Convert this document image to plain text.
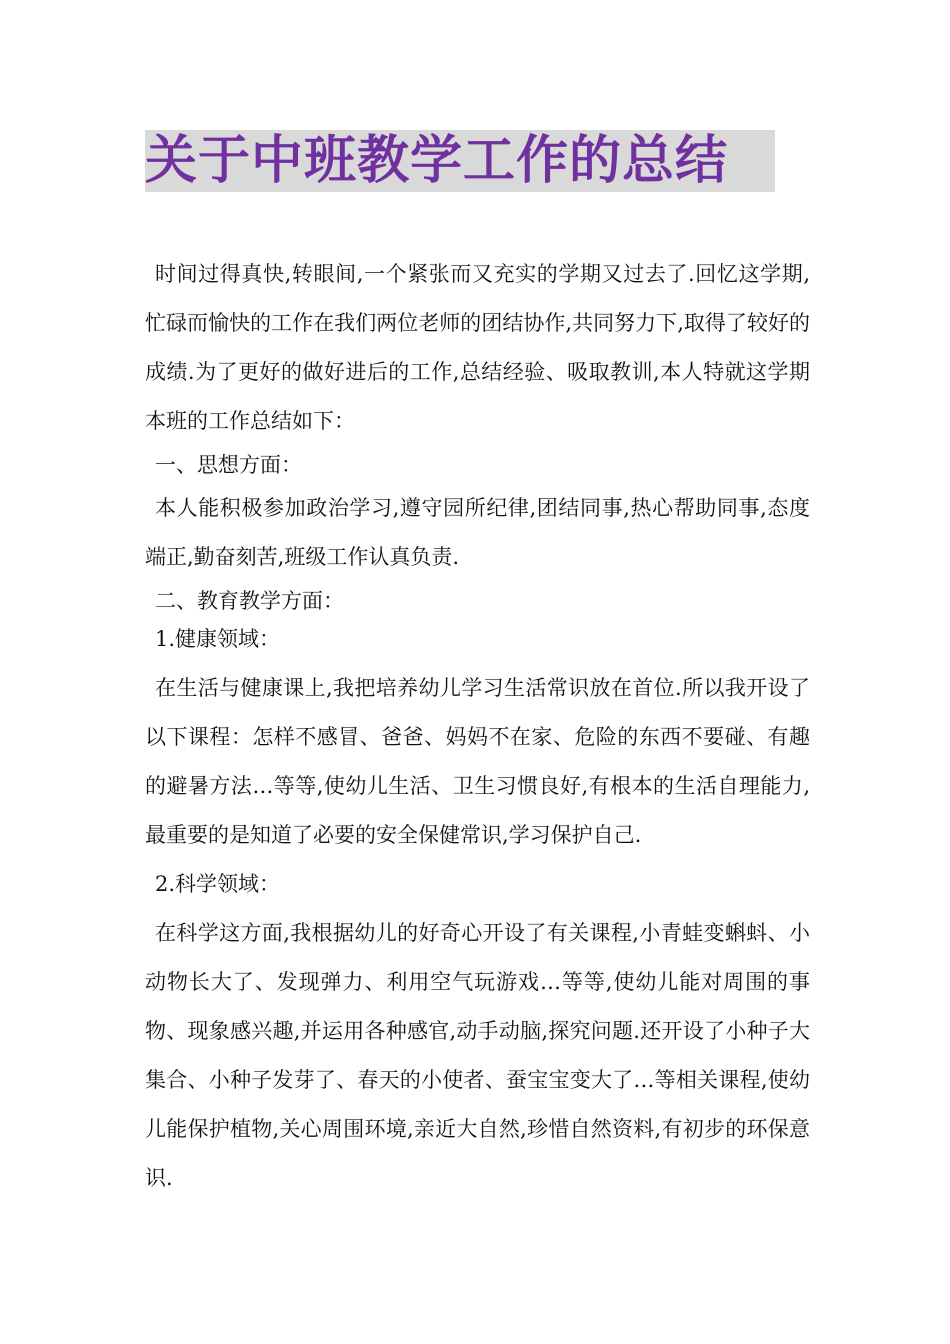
关于中班教学工作的总结

时间过得真快,转眼间,一个紧张而又充实的学期又过去了.回忆这学期,忙碌而愉快的工作在我们两位老师的团结协作,共同努力下,取得了较好的成绩.为了更好的做好进后的工作,总结经验、吸取教训,本人特就这学期本班的工作总结如下：

一、思想方面：

本人能积极参加政治学习,遵守园所纪律,团结同事,热心帮助同事,态度端正,勤奋刻苦,班级工作认真负责.

二、教育教学方面：

1.健康领域：

在生活与健康课上,我把培养幼儿学习生活常识放在首位.所以我开设了以下课程：怎样不感冒、爸爸、妈妈不在家、危险的东西不要碰、有趣的避暑方法…等等,使幼儿生活、卫生习惯良好,有根本的生活自理能力,最重要的是知道了必要的安全保健常识,学习保护自己.

2.科学领域：

在科学这方面,我根据幼儿的好奇心开设了有关课程,小青蛙变蝌蚪、小动物长大了、发现弹力、利用空气玩游戏…等等,使幼儿能对周围的事物、现象感兴趣,并运用各种感官,动手动脑,探究问题.还开设了小种子大集合、小种子发芽了、春天的小使者、蚕宝宝变大了…等相关课程,使幼儿能保护植物,关心周围环境,亲近大自然,珍惜自然资料,有初步的环保意识.
